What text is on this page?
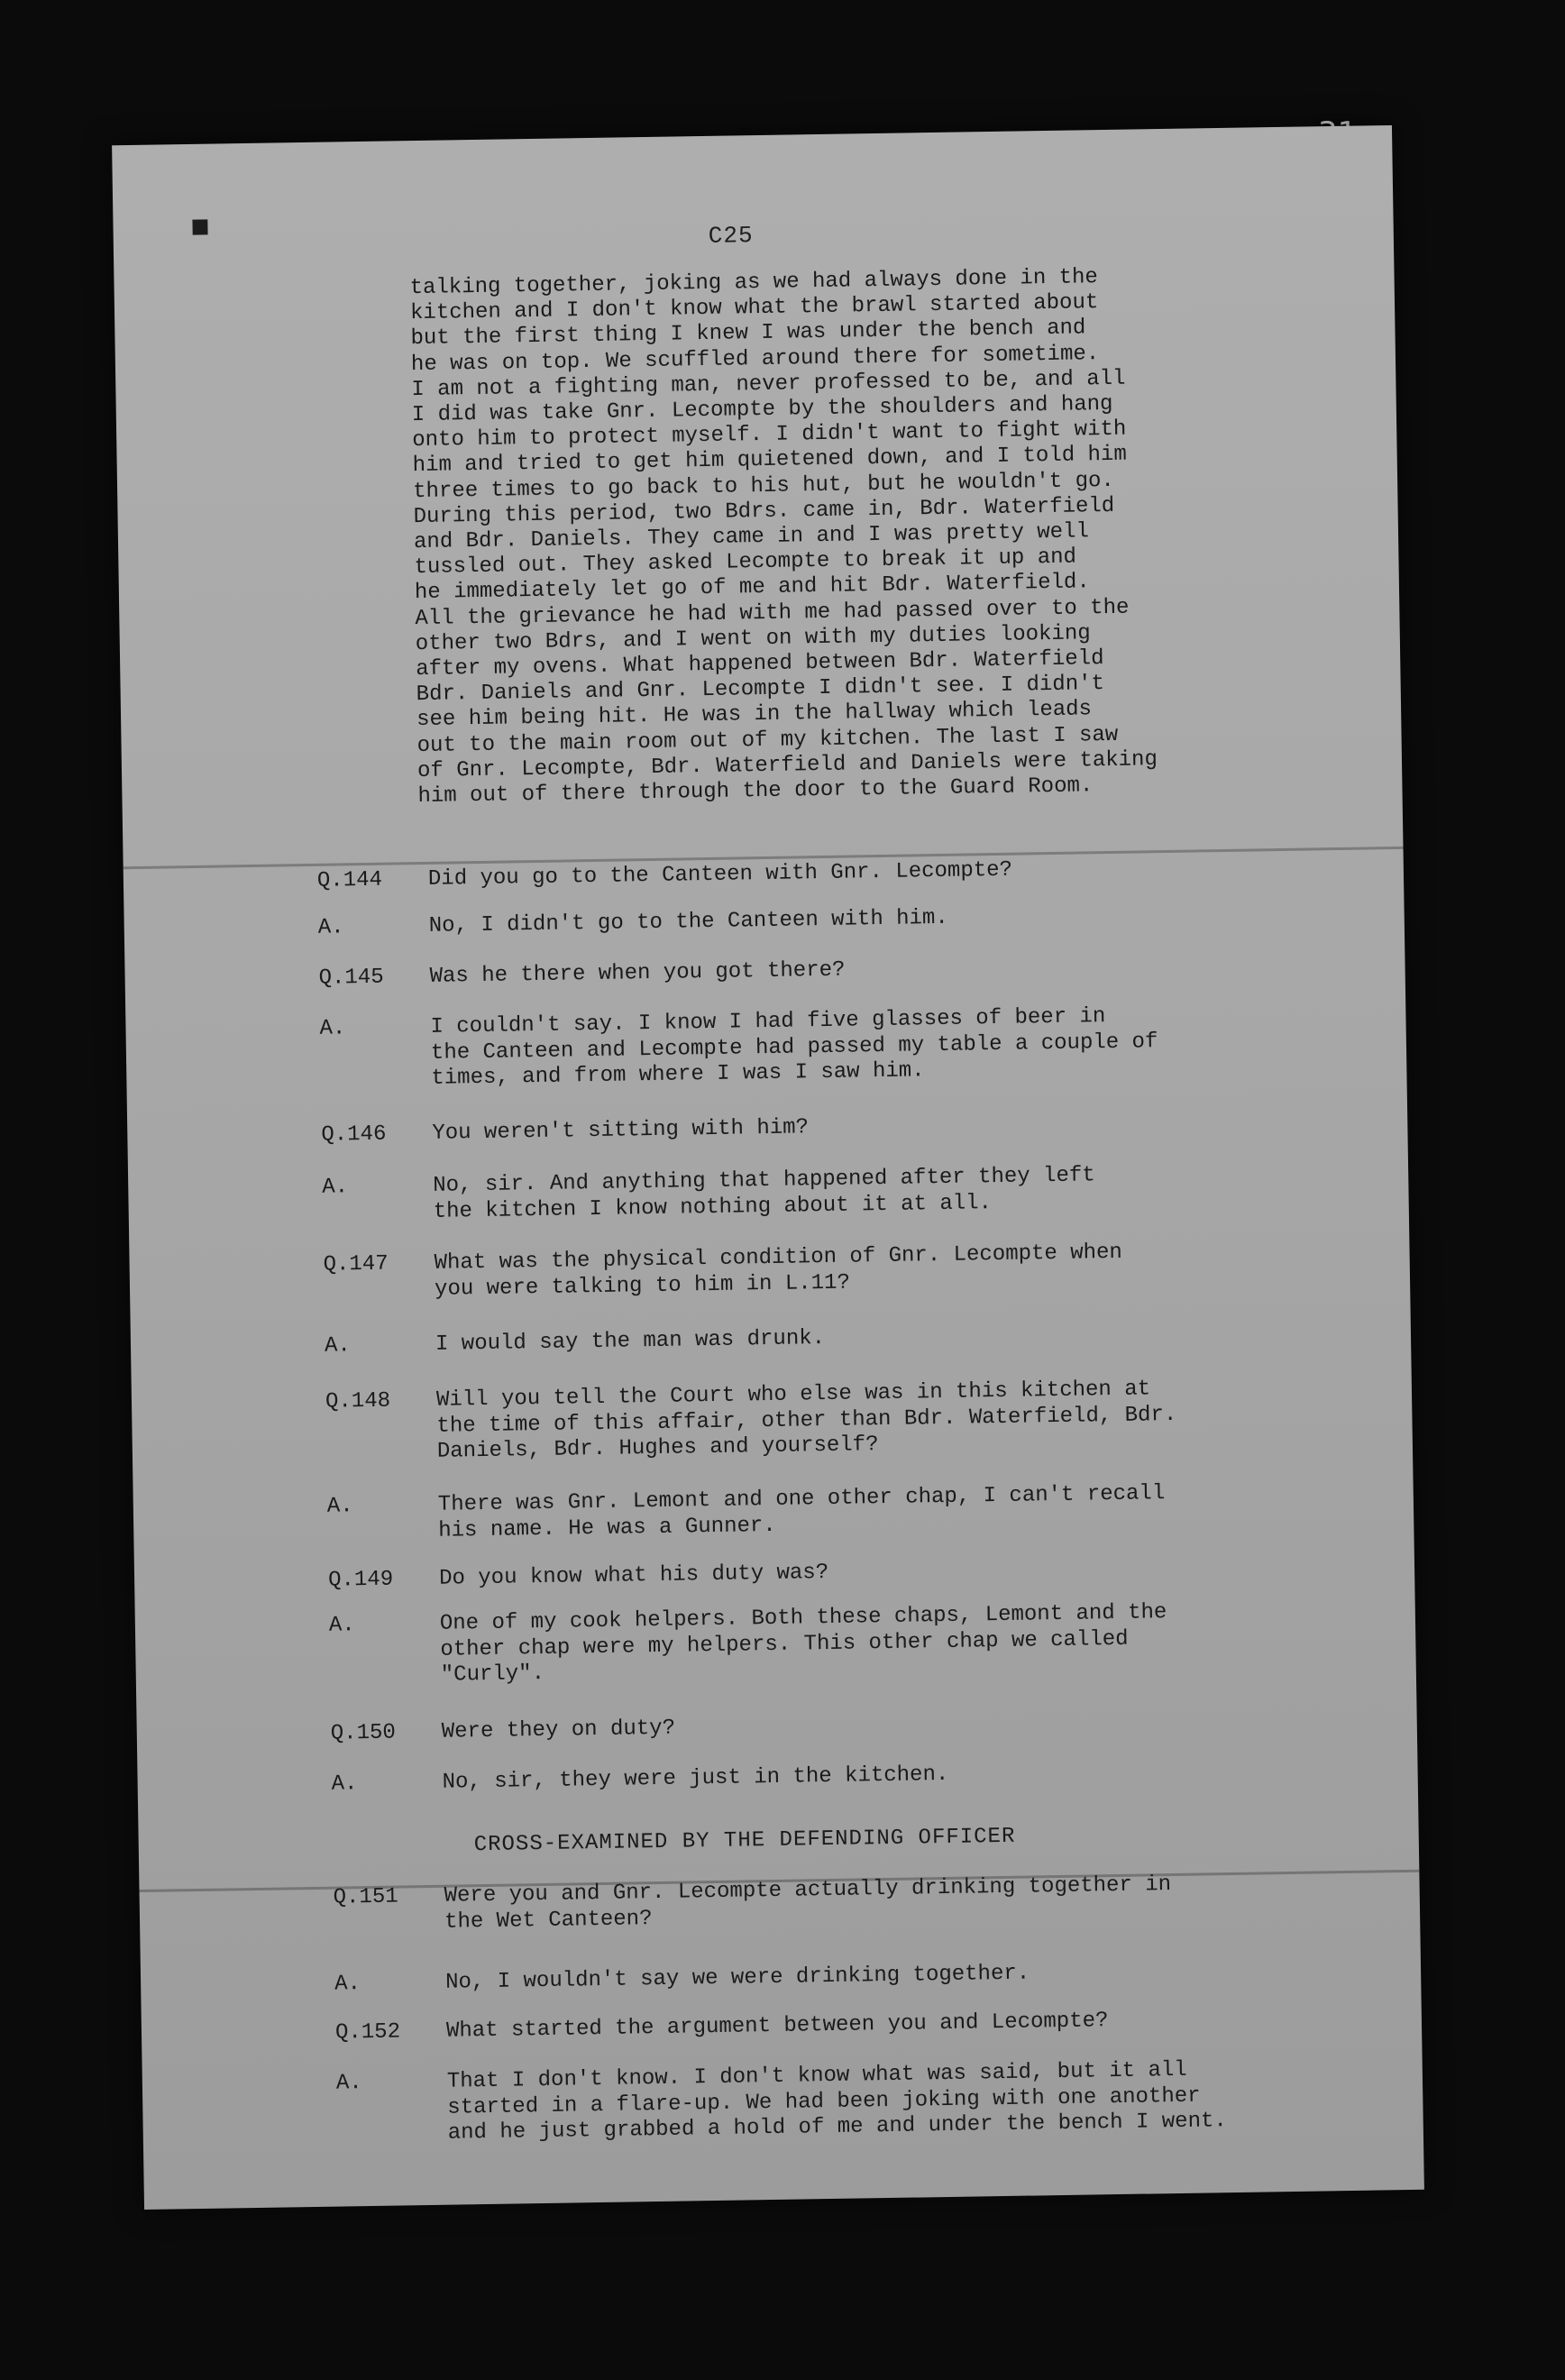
▪	C25

talking together, joking as we had always done in the
kitchen and I don't know what the brawl started about
but the first thing I knew I was under the bench and
he was on top. We scuffled around there for sometime.
I am not a fighting man, never professed to be, and all
I did was take Gnr. Lecompte by the shoulders and hang
onto him to protect myself. I didn't want to fight with
him and tried to get him quietened down, and I told him
three times to go back to his hut, but he wouldn't go.
During this period, two Bdrs. came in, Bdr. Waterfield
and Bdr. Daniels. They came in and I was pretty well
tussled out. They asked Lecompte to break it up and
he immediately let go of me and hit Bdr. Waterfield.
All the grievance he had with me had passed over to the
other two Bdrs, and I went on with my duties looking
after my ovens. What happened between Bdr. Waterfield
Bdr. Daniels and Gnr. Lecompte I didn't see. I didn't
see him being hit. He was in the hallway which leads
out to the main room out of my kitchen. The last I saw
of Gnr. Lecompte, Bdr. Waterfield and Daniels were taking
him out of there through the door to the Guard Room.

Q.144	Did you go to the Canteen with Gnr. Lecompte?
A.	No, I didn't go to the Canteen with him.
Q.145	Was he there when you got there?
A.	I couldn't say. I know I had five glasses of beer in
the Canteen and Lecompte had passed my table a couple of
times, and from where I was I saw him.
Q.146	You weren't sitting with him?
A.	No, sir. And anything that happened after they left
the kitchen I know nothing about it at all.
Q.147	What was the physical condition of Gnr. Lecompte when
you were talking to him in L.11?
A.	I would say the man was drunk.
Q.148	Will you tell the Court who else was in this kitchen at
the time of this affair, other than Bdr. Waterfield, Bdr.
Daniels, Bdr. Hughes and yourself?
A.	There was Gnr. Lemont and one other chap, I can't recall
his name. He was a Gunner.
Q.149	Do you know what his duty was?
A.	One of my cook helpers. Both these chaps, Lemont and the
other chap were my helpers. This other chap we called
"Curly".
Q.150	Were they on duty?
A.	No, sir, they were just in the kitchen.
CROSS-EXAMINED BY THE DEFENDING OFFICER
Q.151	Were you and Gnr. Lecompte actually drinking together in
the Wet Canteen?
A.	No, I wouldn't say we were drinking together.
Q.152	What started the argument between you and Lecompte?
A.	That I don't know. I don't know what was said, but it all
started in a flare-up. We had been joking with one another
and he just grabbed a hold of me and under the bench I went.
